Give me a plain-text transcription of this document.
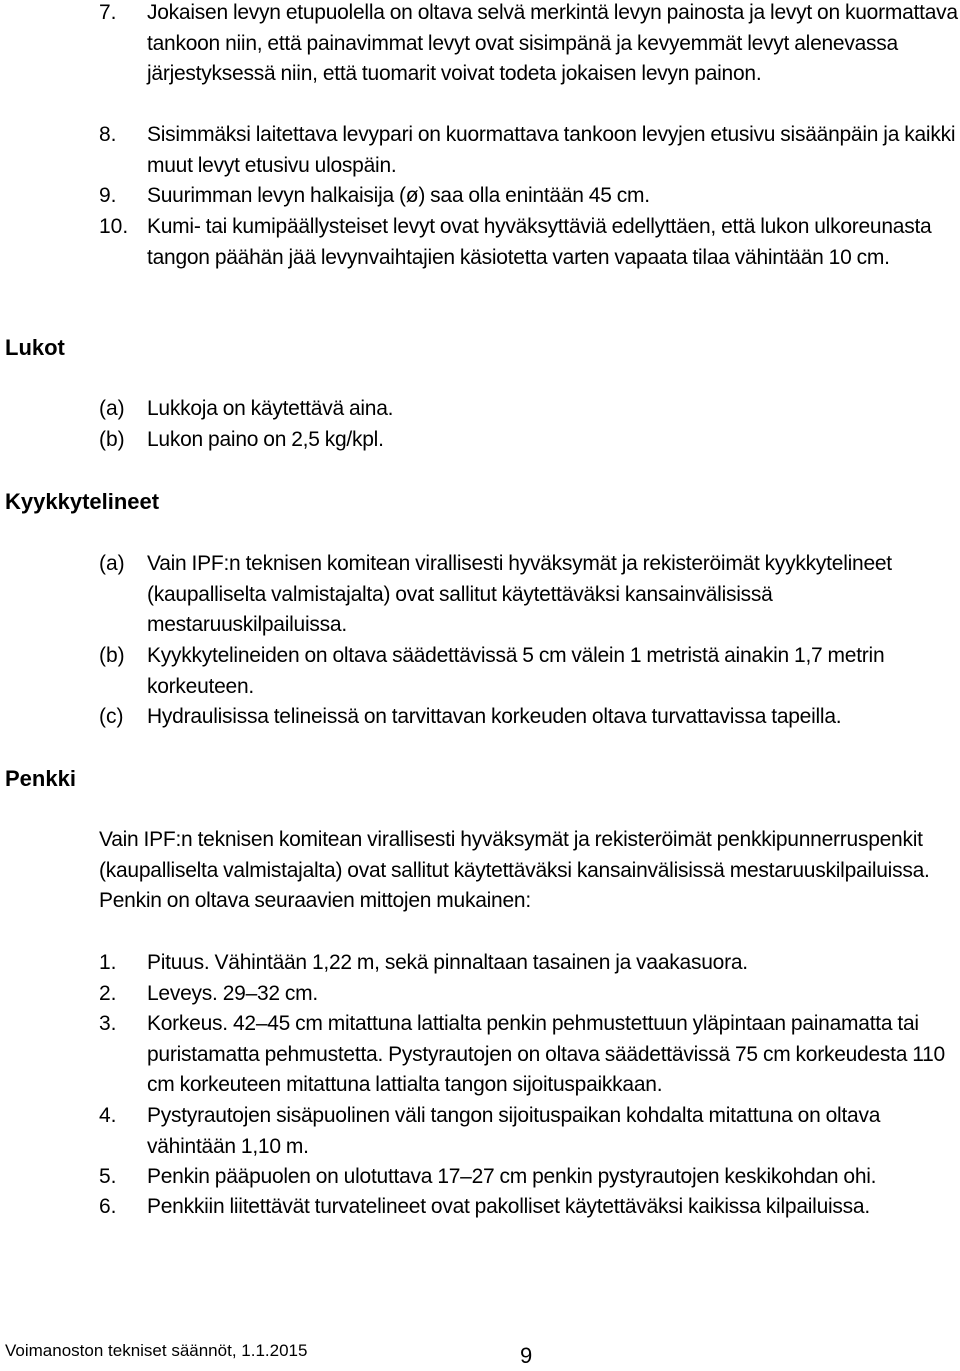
7.	Jokaisen levyn etupuolella on oltava selvä merkintä levyn painosta ja levyt on kuormattava tankoon niin, että painavimmat levyt ovat sisimpänä ja kevyemmät levyt alenevassa järjestyksessä niin, että tuomarit voivat todeta jokaisen levyn painon.
8.	Sisimmäksi laitettava levypari on kuormattava tankoon levyjen etusivu sisäänpäin ja kaikki muut levyt etusivu ulospäin.
9.	Suurimman levyn halkaisija (ø) saa olla enintään 45 cm.
10. Kumi- tai kumipäällysteiset levyt ovat hyväksyttäviä edellyttäen, että lukon ulkoreunasta tangon päähän jää levynvaihtajien käsiotetta varten vapaata tilaa vähintään 10 cm.
Lukot
(a)	Lukkoja on käytettävä aina.
(b)	Lukon paino on 2,5 kg/kpl.
Kyykkytelineet
(a)	Vain IPF:n teknisen komitean virallisesti hyväksymät ja rekisteröimät kyykkytelineet (kaupalliselta valmistajalta) ovat sallitut käytettäväksi kansainvälisissä mestaruuskilpailuissa.
(b)	Kyykkytelineiden on oltava säädettävissä 5 cm välein 1 metristä ainakin 1,7 metrin korkeuteen.
(c)	Hydraulisissa telineissä on tarvittavan korkeuden oltava turvattavissa tapeilla.
Penkki
Vain IPF:n teknisen komitean virallisesti hyväksymät ja rekisteröimät penkkipunnerruspenkit (kaupalliselta valmistajalta) ovat sallitut käytettäväksi kansainvälisissä mestaruuskilpailuissa. Penkin on oltava seuraavien mittojen mukainen:
1.	Pituus. Vähintään 1,22 m, sekä pinnaltaan tasainen ja vaakasuora.
2.	Leveys. 29–32 cm.
3.	Korkeus. 42–45 cm mitattuna lattialta penkin pehmustettuun yläpintaan painamatta tai puristamatta pehmustetta. Pystyrautojen on oltava säädettävissä 75 cm korkeudesta 110 cm korkeuteen mitattuna lattialta tangon sijoituspaikkaan.
4.	Pystyrautojen sisäpuolinen väli tangon sijoituspaikan kohdalta mitattuna on oltava vähintään 1,10 m.
5.	Penkin pääpuolen on ulotuttava 17–27 cm penkin pystyrautojen keskikohdan ohi.
6.	Penkkiin liitettävät turvatelineet ovat pakolliset käytettäväksi kaikissa kilpailuissa.
Voimanoston tekniset säännöt, 1.1.2015	9
